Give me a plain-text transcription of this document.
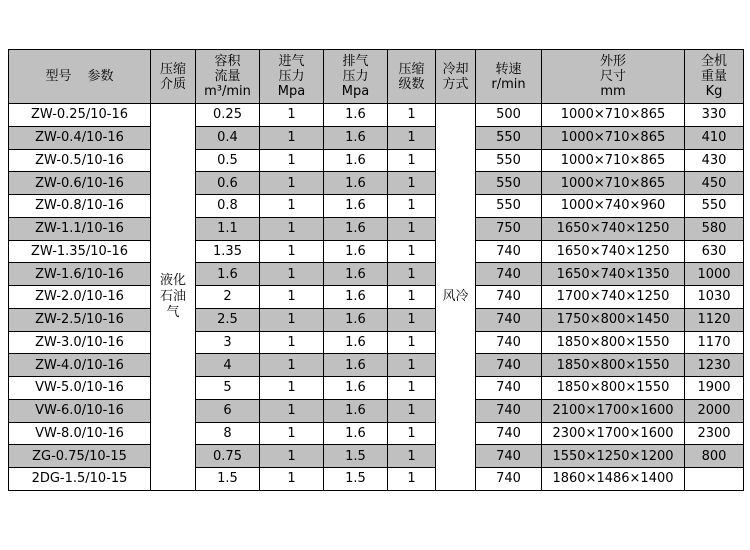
型号 参数	压缩
介质	容积
流量
m³/min	进气
压力
Mpa	排气
压力
Mpa	压缩
级数	冷却
方式	转速
r/min	外形
尺寸
mm	全机
重量
Kg

ZW-0.25/10-16	液化
石油
气	0.25	1	1.6	1	风冷	500	1000×710×865	330
ZW-0.4/10-16		0.4	1	1.6	1		550	1000×710×865	410
ZW-0.5/10-16		0.5	1	1.6	1		550	1000×710×865	430
ZW-0.6/10-16		0.6	1	1.6	1		550	1000×710×865	450
ZW-0.8/10-16		0.8	1	1.6	1		550	1000×740×960	550
ZW-1.1/10-16		1.1	1	1.6	1		750	1650×740×1250	580
ZW-1.35/10-16		1.35	1	1.6	1		740	1650×740×1250	630
ZW-1.6/10-16		1.6	1	1.6	1		740	1650×740×1350	1000
ZW-2.0/10-16		2	1	1.6	1		740	1700×740×1250	1030
ZW-2.5/10-16		2.5	1	1.6	1		740	1750×800×1450	1120
ZW-3.0/10-16		3	1	1.6	1		740	1850×800×1550	1170
ZW-4.0/10-16		4	1	1.6	1		740	1850×800×1550	1230
VW-5.0/10-16		5	1	1.6	1		740	1850×800×1550	1900
VW-6.0/10-16		6	1	1.6	1		740	2100×1700×1600	2000
VW-8.0/10-16		8	1	1.6	1		740	2300×1700×1600	2300
ZG-0.75/10-15		0.75	1	1.5	1		740	1550×1250×1200	800
2DG-1.5/10-15		1.5	1	1.5	1		740	1860×1486×1400	
